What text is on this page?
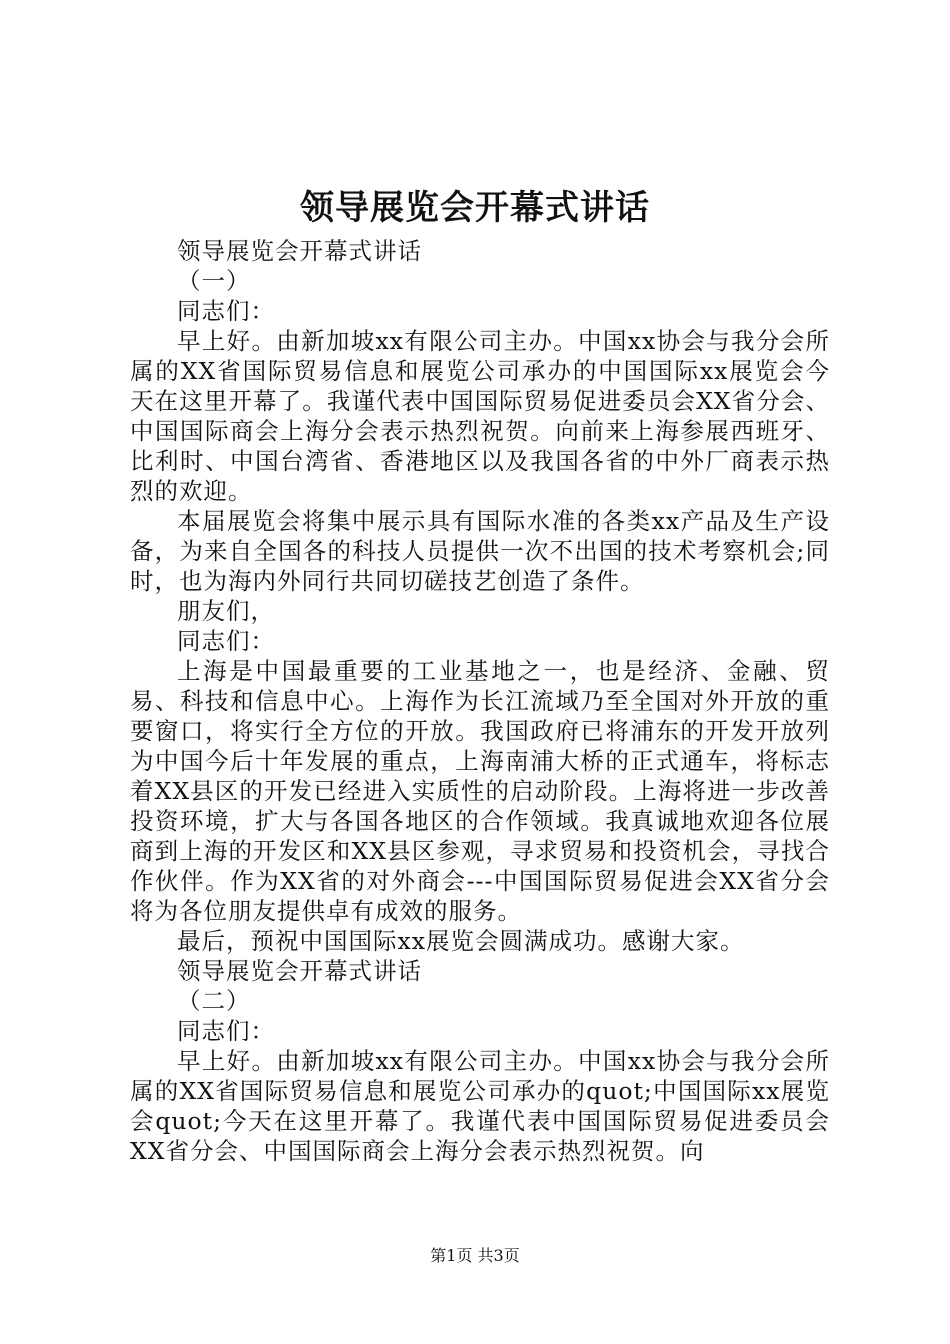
领导展览会开幕式讲话

领导展览会开幕式讲话

（一）

同志们：

早上好。由新加坡xx有限公司主办。中国xx协会与我分会所属的XX省国际贸易信息和展览公司承办的中国国际xx展览会今天在这里开幕了。我谨代表中国国际贸易促进委员会XX省分会、中国国际商会上海分会表示热烈祝贺。向前来上海参展西班牙、比利时、中国台湾省、香港地区以及我国各省的中外厂商表示热烈的欢迎。

本届展览会将集中展示具有国际水准的各类xx产品及生产设备，为来自全国各的科技人员提供一次不出国的技术考察机会;同时，也为海内外同行共同切磋技艺创造了条件。

朋友们，

同志们：

上海是中国最重要的工业基地之一，也是经济、金融、贸易、科技和信息中心。上海作为长江流域乃至全国对外开放的重要窗口，将实行全方位的开放。我国政府已将浦东的开发开放列为中国今后十年发展的重点，上海南浦大桥的正式通车，将标志着XX县区的开发已经进入实质性的启动阶段。上海将进一步改善投资环境，扩大与各国各地区的合作领域。我真诚地欢迎各位展商到上海的开发区和XX县区参观，寻求贸易和投资机会，寻找合作伙伴。作为XX省的对外商会---中国国际贸易促进会XX省分会将为各位朋友提供卓有成效的服务。

最后，预祝中国国际xx展览会圆满成功。感谢大家。

领导展览会开幕式讲话

（二）

同志们：

早上好。由新加坡xx有限公司主办。中国xx协会与我分会所属的XX省国际贸易信息和展览公司承办的quot;中国国际xx展览会quot;今天在这里开幕了。我谨代表中国国际贸易促进委员会XX省分会、中国国际商会上海分会表示热烈祝贺。向

第1页 共3页
